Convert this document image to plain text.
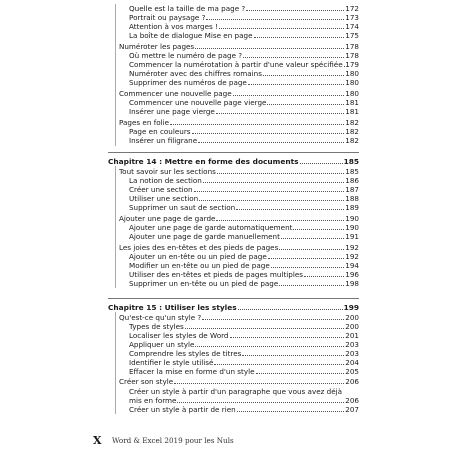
Quelle est la taille de ma page ?	172
Portrait ou paysage ?	173
Attention à vos marges !	174
La boîte de dialogue Mise en page	175
Numéroter les pages	178
Où mettre le numéro de page ?	178
Commencer la numérotation à partir d'une valeur spécifiée 179
Numéroter avec des chiffres romains	180
Supprimer des numéros de page	180
Commencer une nouvelle page	180
Commencer une nouvelle page vierge	181
Insérer une page vierge	181
Pages en folie	182
Page en couleurs	182
Insérer un filigrane	182
Chapitre 14 : Mettre en forme des documents	185
Tout savoir sur les sections	185
La notion de section	186
Créer une section	187
Utiliser une section	188
Supprimer un saut de section	189
Ajouter une page de garde	190
Ajouter une page de garde automatiquement	190
Ajouter une page de garde manuellement	191
Les joies des en-têtes et des pieds de pages	192
Ajouter un en-tête ou un pied de page	192
Modifier un en-tête ou un pied de page	194
Utiliser des en-têtes et pieds de pages multiples	196
Supprimer un en-tête ou un pied de page	198
Chapitre 15 : Utiliser les styles	199
Qu'est-ce qu'un style ?	200
Types de styles	200
Localiser les styles de Word	201
Appliquer un style	203
Comprendre les styles de titres	203
Identifier le style utilisé	204
Effacer la mise en forme d'un style	205
Créer son style	206
Créer un style à partir d'un paragraphe que vous avez déjà
mis en forme	206
Créer un style à partir de rien	207
X Word & Excel 2019 pour les Nuls
